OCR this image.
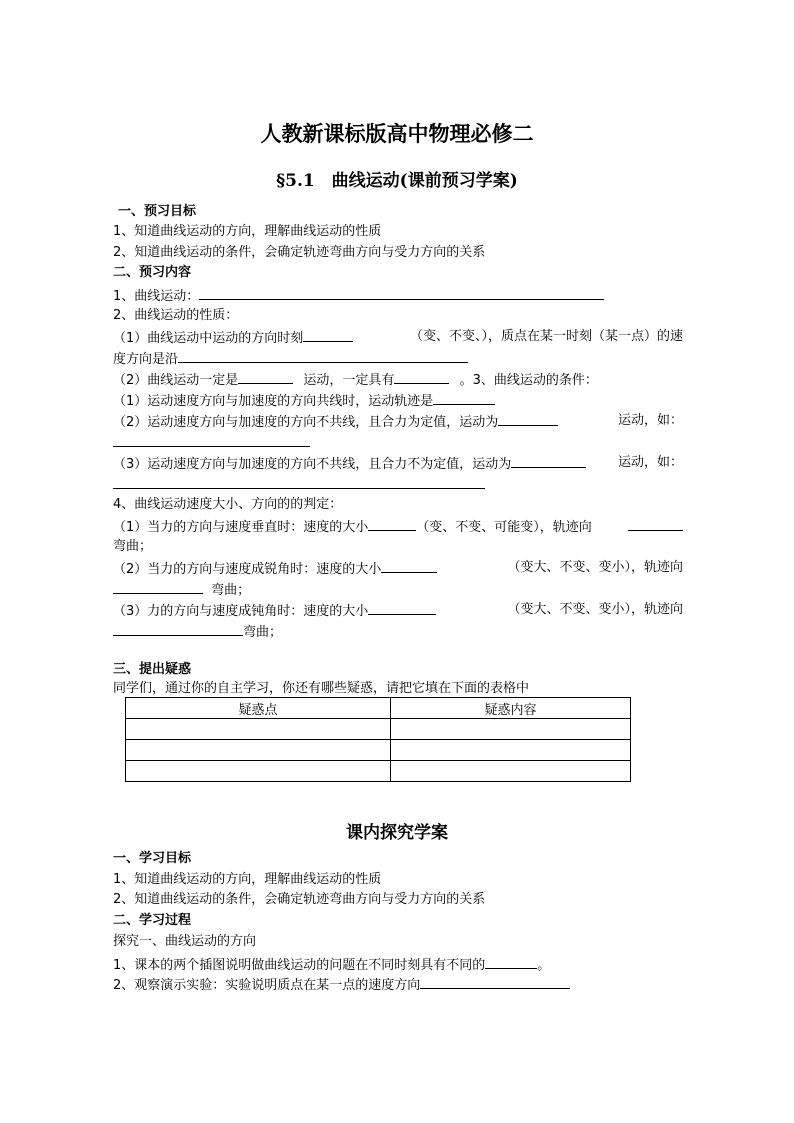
人教新课标版高中物理必修二
§5.1　曲线运动(课前预习学案)
一、预习目标
1、知道曲线运动的方向，理解曲线运动的性质
2、知道曲线运动的条件，会确定轨迹弯曲方向与受力方向的关系
二、预习内容
1、曲线运动：
2、曲线运动的性质：
（1）曲线运动中运动的方向时刻	（变、不变、），质点在某一时刻（某一点）的速
度方向是沿
（2）曲线运动一定是	运动，一定具有	。3、曲线运动的条件：
（1）运动速度方向与加速度的方向共线时，运动轨迹是
（2）运动速度方向与加速度的方向不共线，且合力为定值，运动为	运动，如：
（3）运动速度方向与加速度的方向不共线，且合力不为定值，运动为	运动，如：
4、曲线运动速度大小、方向的的判定：
（1）当力的方向与速度垂直时：速度的大小	（变、不变、可能变），轨迹向
弯曲；
（2）当力的方向与速度成锐角时：速度的大小	（变大、不变、变小），轨迹向
弯曲；
（3）力的方向与速度成钝角时：速度的大小	（变大、不变、变小），轨迹向
弯曲；
三、提出疑惑
同学们，通过你的自主学习，你还有哪些疑惑，请把它填在下面的表格中
疑惑点	疑惑内容

课内探究学案
一、学习目标
1、知道曲线运动的方向，理解曲线运动的性质
2、知道曲线运动的条件，会确定轨迹弯曲方向与受力方向的关系
二、学习过程
探究一、曲线运动的方向
1、课本的两个插图说明做曲线运动的问题在不同时刻具有不同的	。
2、观察演示实验：实验说明质点在某一点的速度方向
